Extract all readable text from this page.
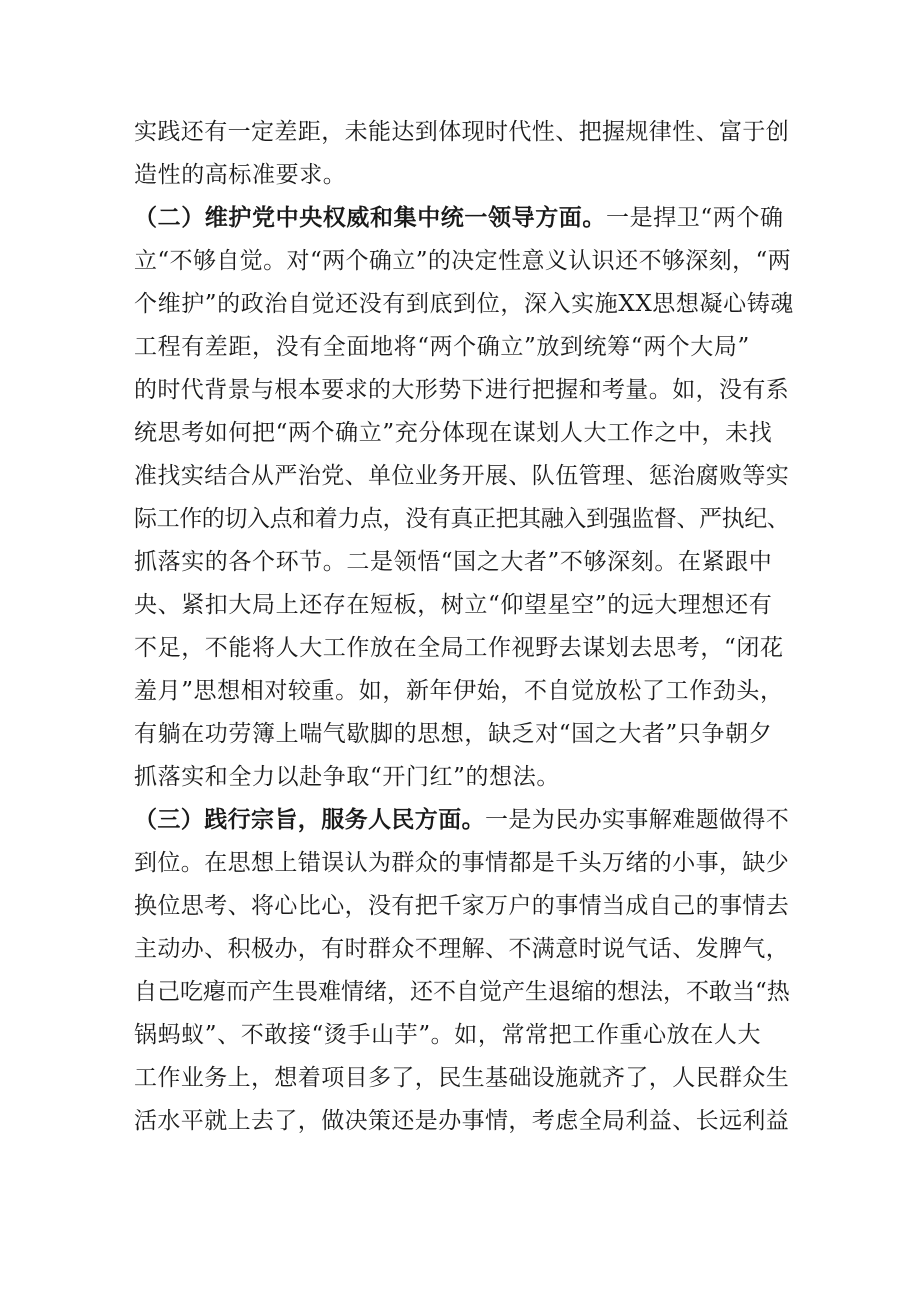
实践还有一定差距，未能达到体现时代性、把握规律性、富于创
造性的高标准要求。
（二）维护党中央权威和集中统一领导方面。一是捍卫“两个确
立“不够自觉。对“两个确立”的决定性意义认识还不够深刻，“两
个维护”的政治自觉还没有到底到位，深入实施XX思想凝心铸魂
工程有差距，没有全面地将“两个确立”放到统筹“两个大局”
的时代背景与根本要求的大形势下进行把握和考量。如，没有系
统思考如何把“两个确立”充分体现在谋划人大工作之中，未找
准找实结合从严治党、单位业务开展、队伍管理、惩治腐败等实
际工作的切入点和着力点，没有真正把其融入到强监督、严执纪、
抓落实的各个环节。二是领悟“国之大者”不够深刻。在紧跟中
央、紧扣大局上还存在短板，树立“仰望星空”的远大理想还有
不足，不能将人大工作放在全局工作视野去谋划去思考，“闭花
羞月”思想相对较重。如，新年伊始，不自觉放松了工作劲头，
有躺在功劳簿上喘气歇脚的思想，缺乏对“国之大者”只争朝夕
抓落实和全力以赴争取“开门红”的想法。
（三）践行宗旨，服务人民方面。一是为民办实事解难题做得不
到位。在思想上错误认为群众的事情都是千头万绪的小事，缺少
换位思考、将心比心，没有把千家万户的事情当成自己的事情去
主动办、积极办，有时群众不理解、不满意时说气话、发脾气，
自己吃瘪而产生畏难情绪，还不自觉产生退缩的想法，不敢当“热
锅蚂蚁”、不敢接“烫手山芋”。如，常常把工作重心放在人大
工作业务上，想着项目多了，民生基础设施就齐了，人民群众生
活水平就上去了，做决策还是办事情，考虑全局利益、长远利益
